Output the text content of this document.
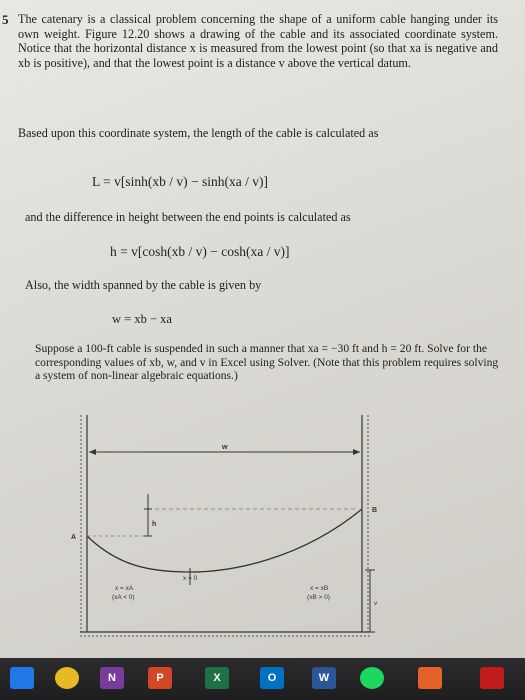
5 The catenary is a classical problem concerning the shape of a uniform cable hanging under its own weight. Figure 12.20 shows a drawing of the cable and its associated coordinate system. Notice that the horizontal distance x is measured from the lowest point (so that xa is negative and xb is positive), and that the lowest point is a distance v above the vertical datum.

Based upon this coordinate system, the length of the cable is calculated as

L = v[sinh(xb / v) − sinh(xa / v)]

and the difference in height between the end points is calculated as

h = v[cosh(xb / v) − cosh(xa / v)]

Also, the width spanned by the cable is given by

w = xb − xa

Suppose a 100-ft cable is suspended in such a manner that xa = −30 ft and h = 20 ft. Solve for the corresponding values of xb, w, and v in Excel using Solver. (Note that this problem requires solving a system of non-linear algebraic equations.)

w
h
A
B
x = xA
(xA < 0)
x = 0
x = xB
(xB > 0)
v
N	P	X	O	W
